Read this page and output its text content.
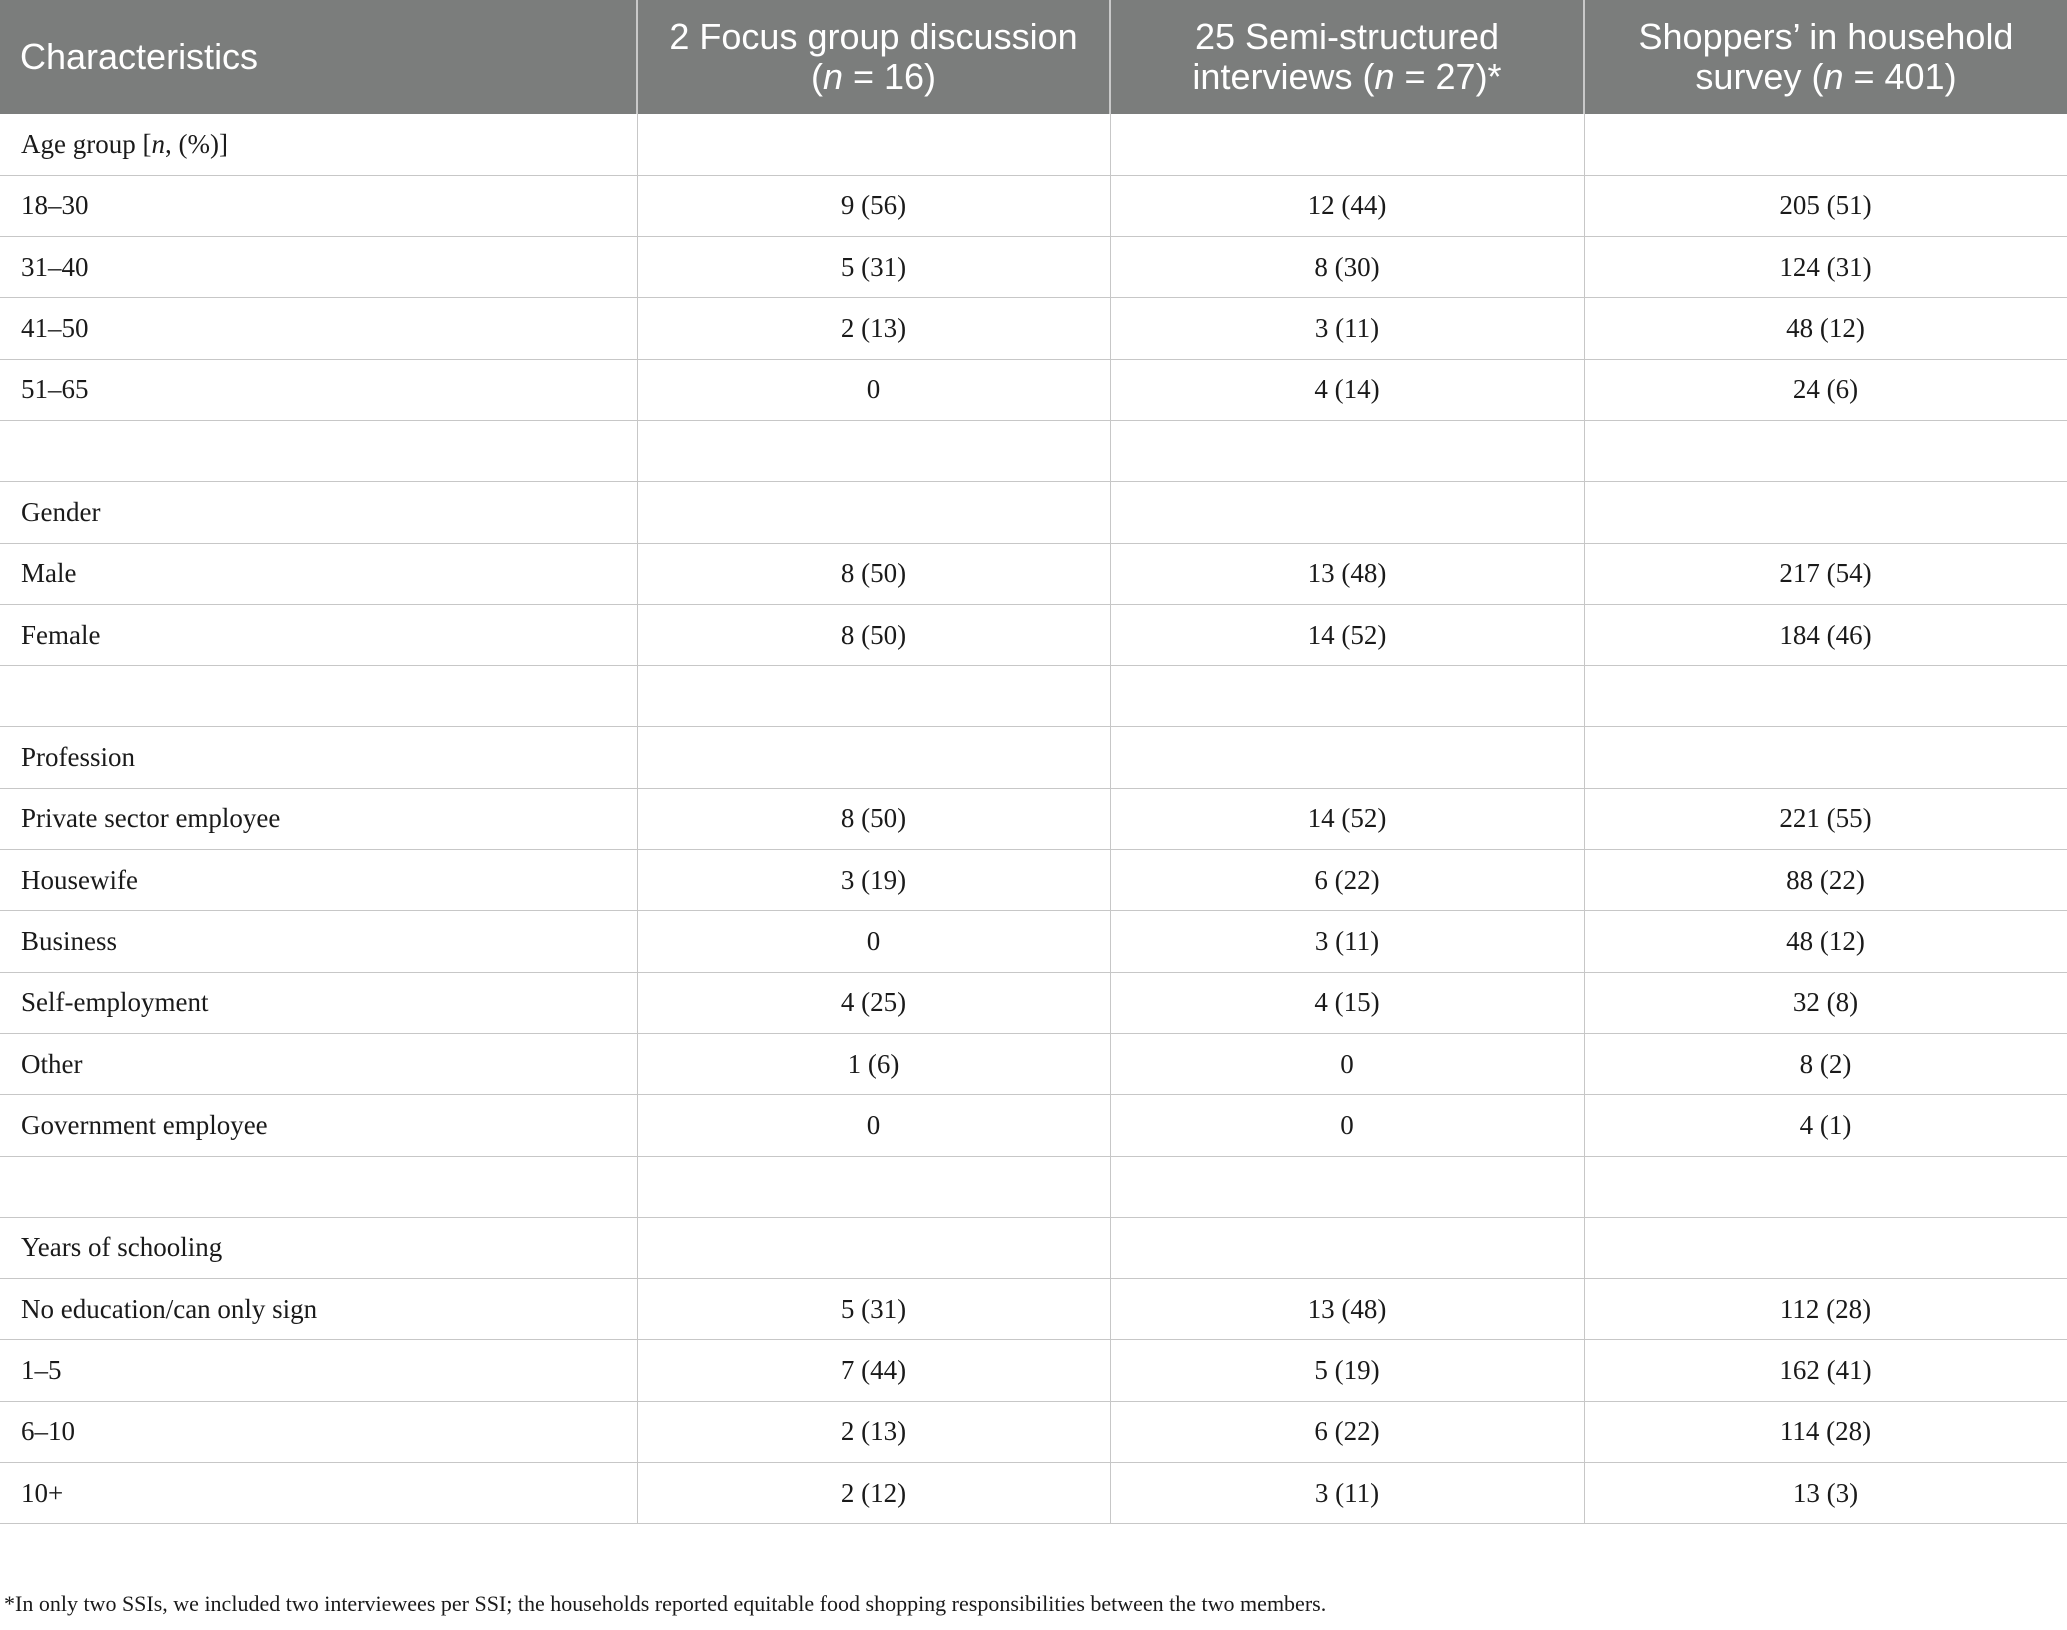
Characteristics	2 Focus group discussion (n = 16)	25 Semi-structured interviews (n = 27)*	Shoppers’ in household survey (n = 401)
Age group [n, (%)]			
18–30	9 (56)	12 (44)	205 (51)
31–40	5 (31)	8 (30)	124 (31)
41–50	2 (13)	3 (11)	48 (12)
51–65	0	4 (14)	24 (6)

Gender			
Male	8 (50)	13 (48)	217 (54)
Female	8 (50)	14 (52)	184 (46)

Profession			
Private sector employee	8 (50)	14 (52)	221 (55)
Housewife	3 (19)	6 (22)	88 (22)
Business	0	3 (11)	48 (12)
Self-employment	4 (25)	4 (15)	32 (8)
Other	1 (6)	0	8 (2)
Government employee	0	0	4 (1)

Years of schooling			
No education/can only sign	5 (31)	13 (48)	112 (28)
1–5	7 (44)	5 (19)	162 (41)
6–10	2 (13)	6 (22)	114 (28)
10+	2 (12)	3 (11)	13 (3)
*In only two SSIs, we included two interviewees per SSI; the households reported equitable food shopping responsibilities between the two members.
